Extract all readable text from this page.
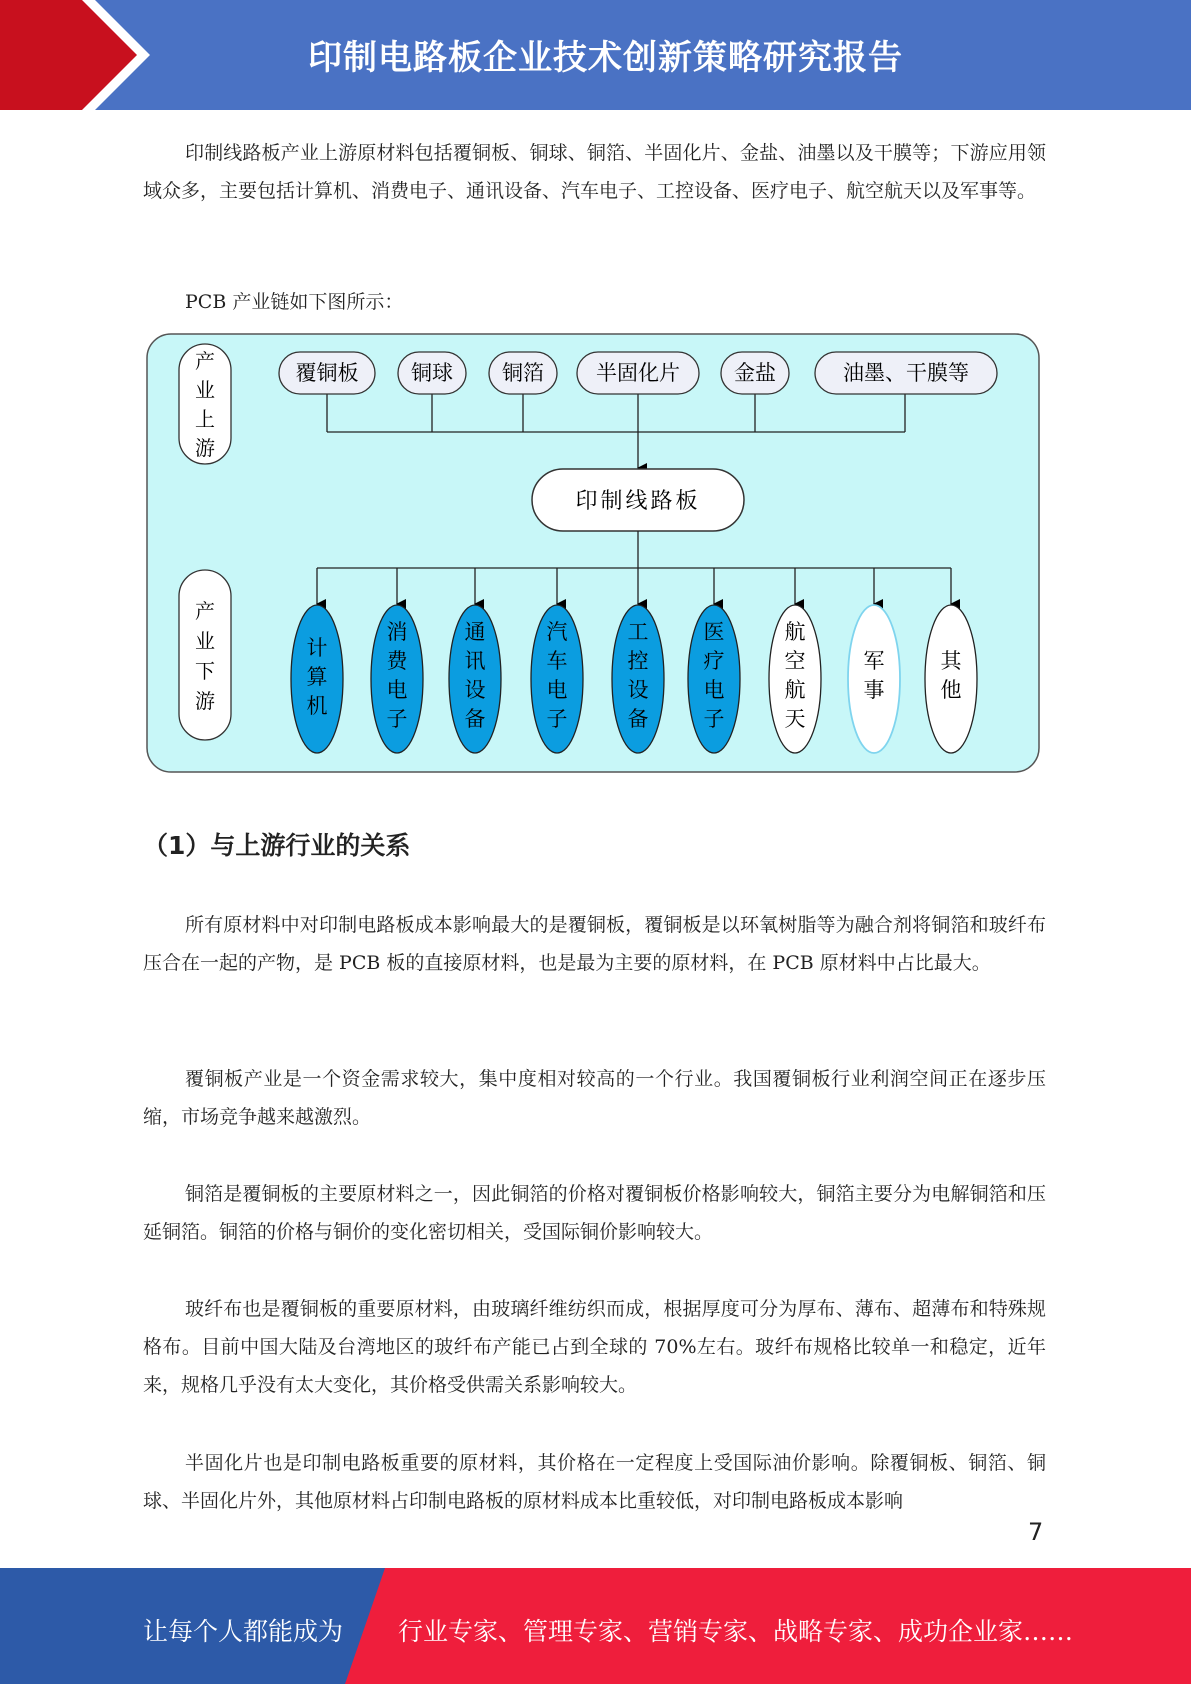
印制电路板企业技术创新策略研究报告

印制线路板产业上游原材料包括覆铜板、铜球、铜箔、半固化片、金盐、油墨以及干膜等；下游应用领域众多，主要包括计算机、消费电子、通讯设备、汽车电子、工控设备、医疗电子、航空航天以及军事等。

PCB 产业链如下图所示：

产
业
上
游
产
业
下
游
覆铜板	铜球 铜箔 半固化片	金盐	油墨、干膜等
印制线路板
计
算
机
消
费
电
子
通
讯
设
备
汽
车
电
子
工
控
设
备
医
疗
电
子
航
空
航
天
军
事
其
他
（1）与上游行业的关系

所有原材料中对印制电路板成本影响最大的是覆铜板，覆铜板是以环氧树脂等为融合剂将铜箔和玻纤布压合在一起的产物，是 PCB 板的直接原材料，也是最为主要的原材料，在 PCB 原材料中占比最大。

覆铜板产业是一个资金需求较大，集中度相对较高的一个行业。我国覆铜板行业利润空间正在逐步压缩，市场竞争越来越激烈。

铜箔是覆铜板的主要原材料之一，因此铜箔的价格对覆铜板价格影响较大，铜箔主要分为电解铜箔和压延铜箔。铜箔的价格与铜价的变化密切相关，受国际铜价影响较大。

玻纤布也是覆铜板的重要原材料，由玻璃纤维纺织而成，根据厚度可分为厚布、薄布、超薄布和特殊规格布。目前中国大陆及台湾地区的玻纤布产能已占到全球的 70%左右。玻纤布规格比较单一和稳定，近年来，规格几乎没有太大变化，其价格受供需关系影响较大。

半固化片也是印制电路板重要的原材料，其价格在一定程度上受国际油价影响。除覆铜板、铜箔、铜球、半固化片外，其他原材料占印制电路板的原材料成本比重较低，对印制电路板成本影响

7
让每个人都能成为 行业专家、管理专家、营销专家、战略专家、成功企业家……
